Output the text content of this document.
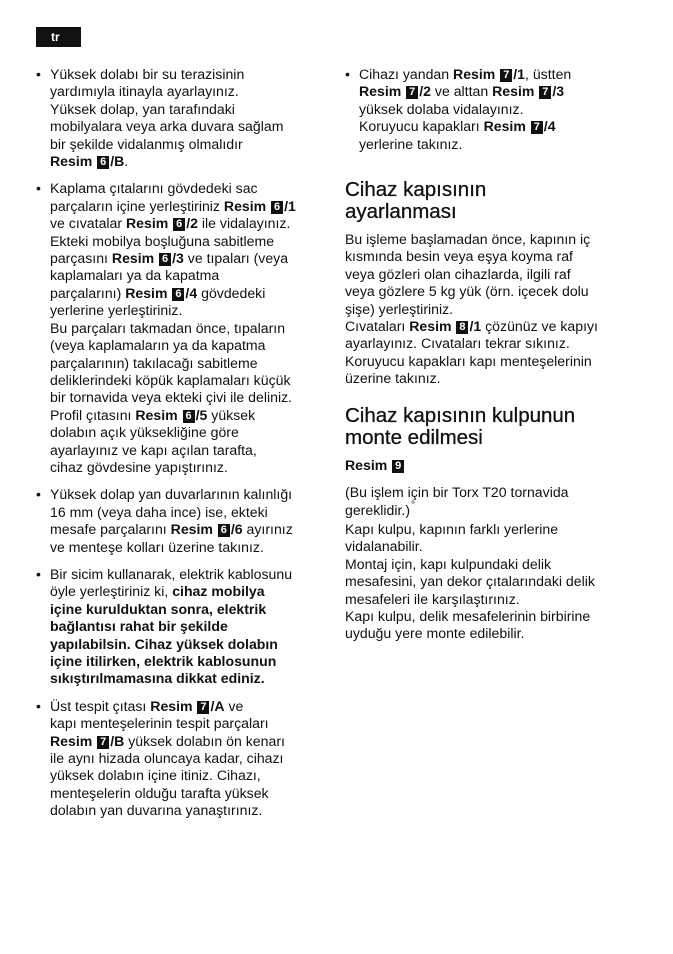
tr

• Yüksek dolabı bir su terazisinin

yardımıyla itinayla ayarlayınız.

Yüksek dolap, yan tarafındaki

mobilyalara veya arka duvara sağlam

bir şekilde vidalanmış olmalıdır

Resim 6 /B.

• Kaplama çıtalarını gövdedeki sac

parçaların içine yerleştiriniz Resim 6 /1

ve cıvatalar Resim 6 /2 ile vidalayınız.

Ekteki mobilya boşluğuna sabitleme

parçasını Resim 6 /3 ve tıpaları (veya

kaplamaları ya da kapatma

parçalarını) Resim 6 /4 gövdedeki

yerlerine yerleştiriniz.

Bu parçaları takmadan önce, tıpaların

(veya kaplamaların ya da kapatma

parçalarının) takılacağı sabitleme

deliklerindeki köpük kaplamaları küçük

bir tornavida veya ekteki çivi ile deliniz.

Profil çıtasını Resim 6 /5 yüksek

dolabın açık yüksekliğine göre

ayarlayınız ve kapı açılan tarafta,

cihaz gövdesine yapıştırınız.

• Yüksek dolap yan duvarlarının kalınlığı

16 mm (veya daha ince) ise, ekteki

mesafe parçalarını Resim 6 /6 ayırınız

ve menteşe kolları üzerine takınız.

• Bir sicim kullanarak, elektrik kablosunu

öyle yerleştiriniz ki, cihaz mobilya

içine kurulduktan sonra, elektrik

bağlantısı rahat bir şekilde

yapılabilsin. Cihaz yüksek dolabın

içine itilirken, elektrik kablosunun

sıkıştırılmamasına dikkat ediniz.

• Üst tespit çıtası Resim 7 /A ve

kapı menteşelerinin tespit parçaları

Resim 7 /B yüksek dolabın ön kenarı

ile aynı hizada oluncaya kadar, cihazı

yüksek dolabın içine itiniz. Cihazı,

menteşelerin olduğu tarafta yüksek

dolabın yan duvarına yanaştırınız.

• Cihazı yandan Resim 7 /1, üstten

Resim 7 /2 ve alttan Resim 7 /3

yüksek dolaba vidalayınız.

Koruyucu kapakları Resim 7 /4

yerlerine takınız.

Cihaz kapısının
ayarlanması

Bu işleme başlamadan önce, kapının iç

kısmında besin veya eşya koyma raf

veya gözleri olan cihazlarda, ilgili raf

veya gözlere 5 kg yük (örn. içecek dolu

şişe) yerleştiriniz.

Cıvataları Resim 8 /1 çözünüz ve kapıyı

ayarlayınız. Cıvataları tekrar sıkınız.

Koruyucu kapakları kapı menteşelerinin

üzerine takınız.

Cihaz kapısının kulpunun
monte edilmesi

Resim 9

(Bu işlem için bir Torx T20 tornavida

gereklidir.)°

Kapı kulpu, kapının farklı yerlerine

vidalanabilir.

Montaj için, kapı kulpundaki delik

mesafesini, yan dekor çıtalarındaki delik

mesafeleri ile karşılaştırınız.

Kapı kulpu, delik mesafelerinin birbirine

uyduğu yere monte edilebilir.
